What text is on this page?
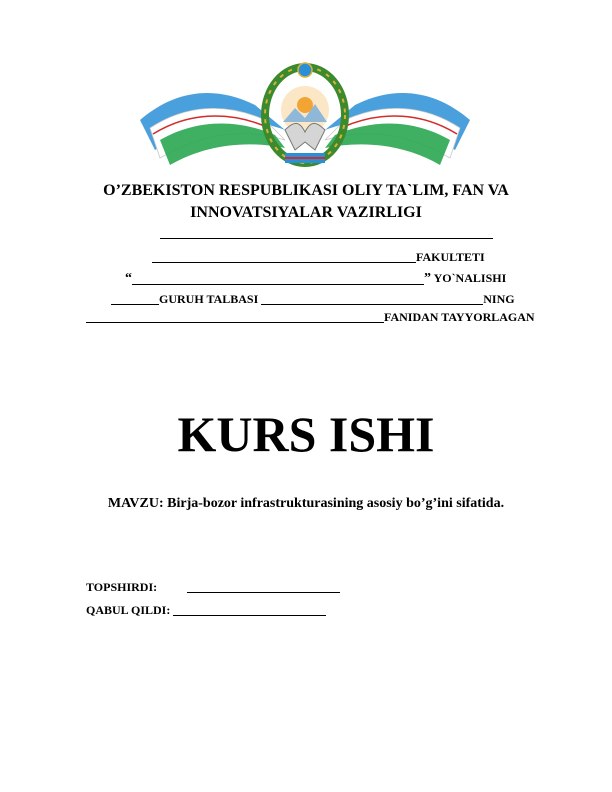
O’ZBEKISTON RESPUBLIKASI OLIY TA`LIM, FAN VA
INNOVATSIYALAR VAZIRLIGI
FAKULTETI
“	” YO`NALISHI
GURUH TALBASI	NING
FANIDAN TAYYORLAGAN
KURS ISHI
MAVZU: Birja-bozor infrastrukturasining asosiy bo’g’ini sifatida.
TOPSHIRDI:
QABUL QILDI:
